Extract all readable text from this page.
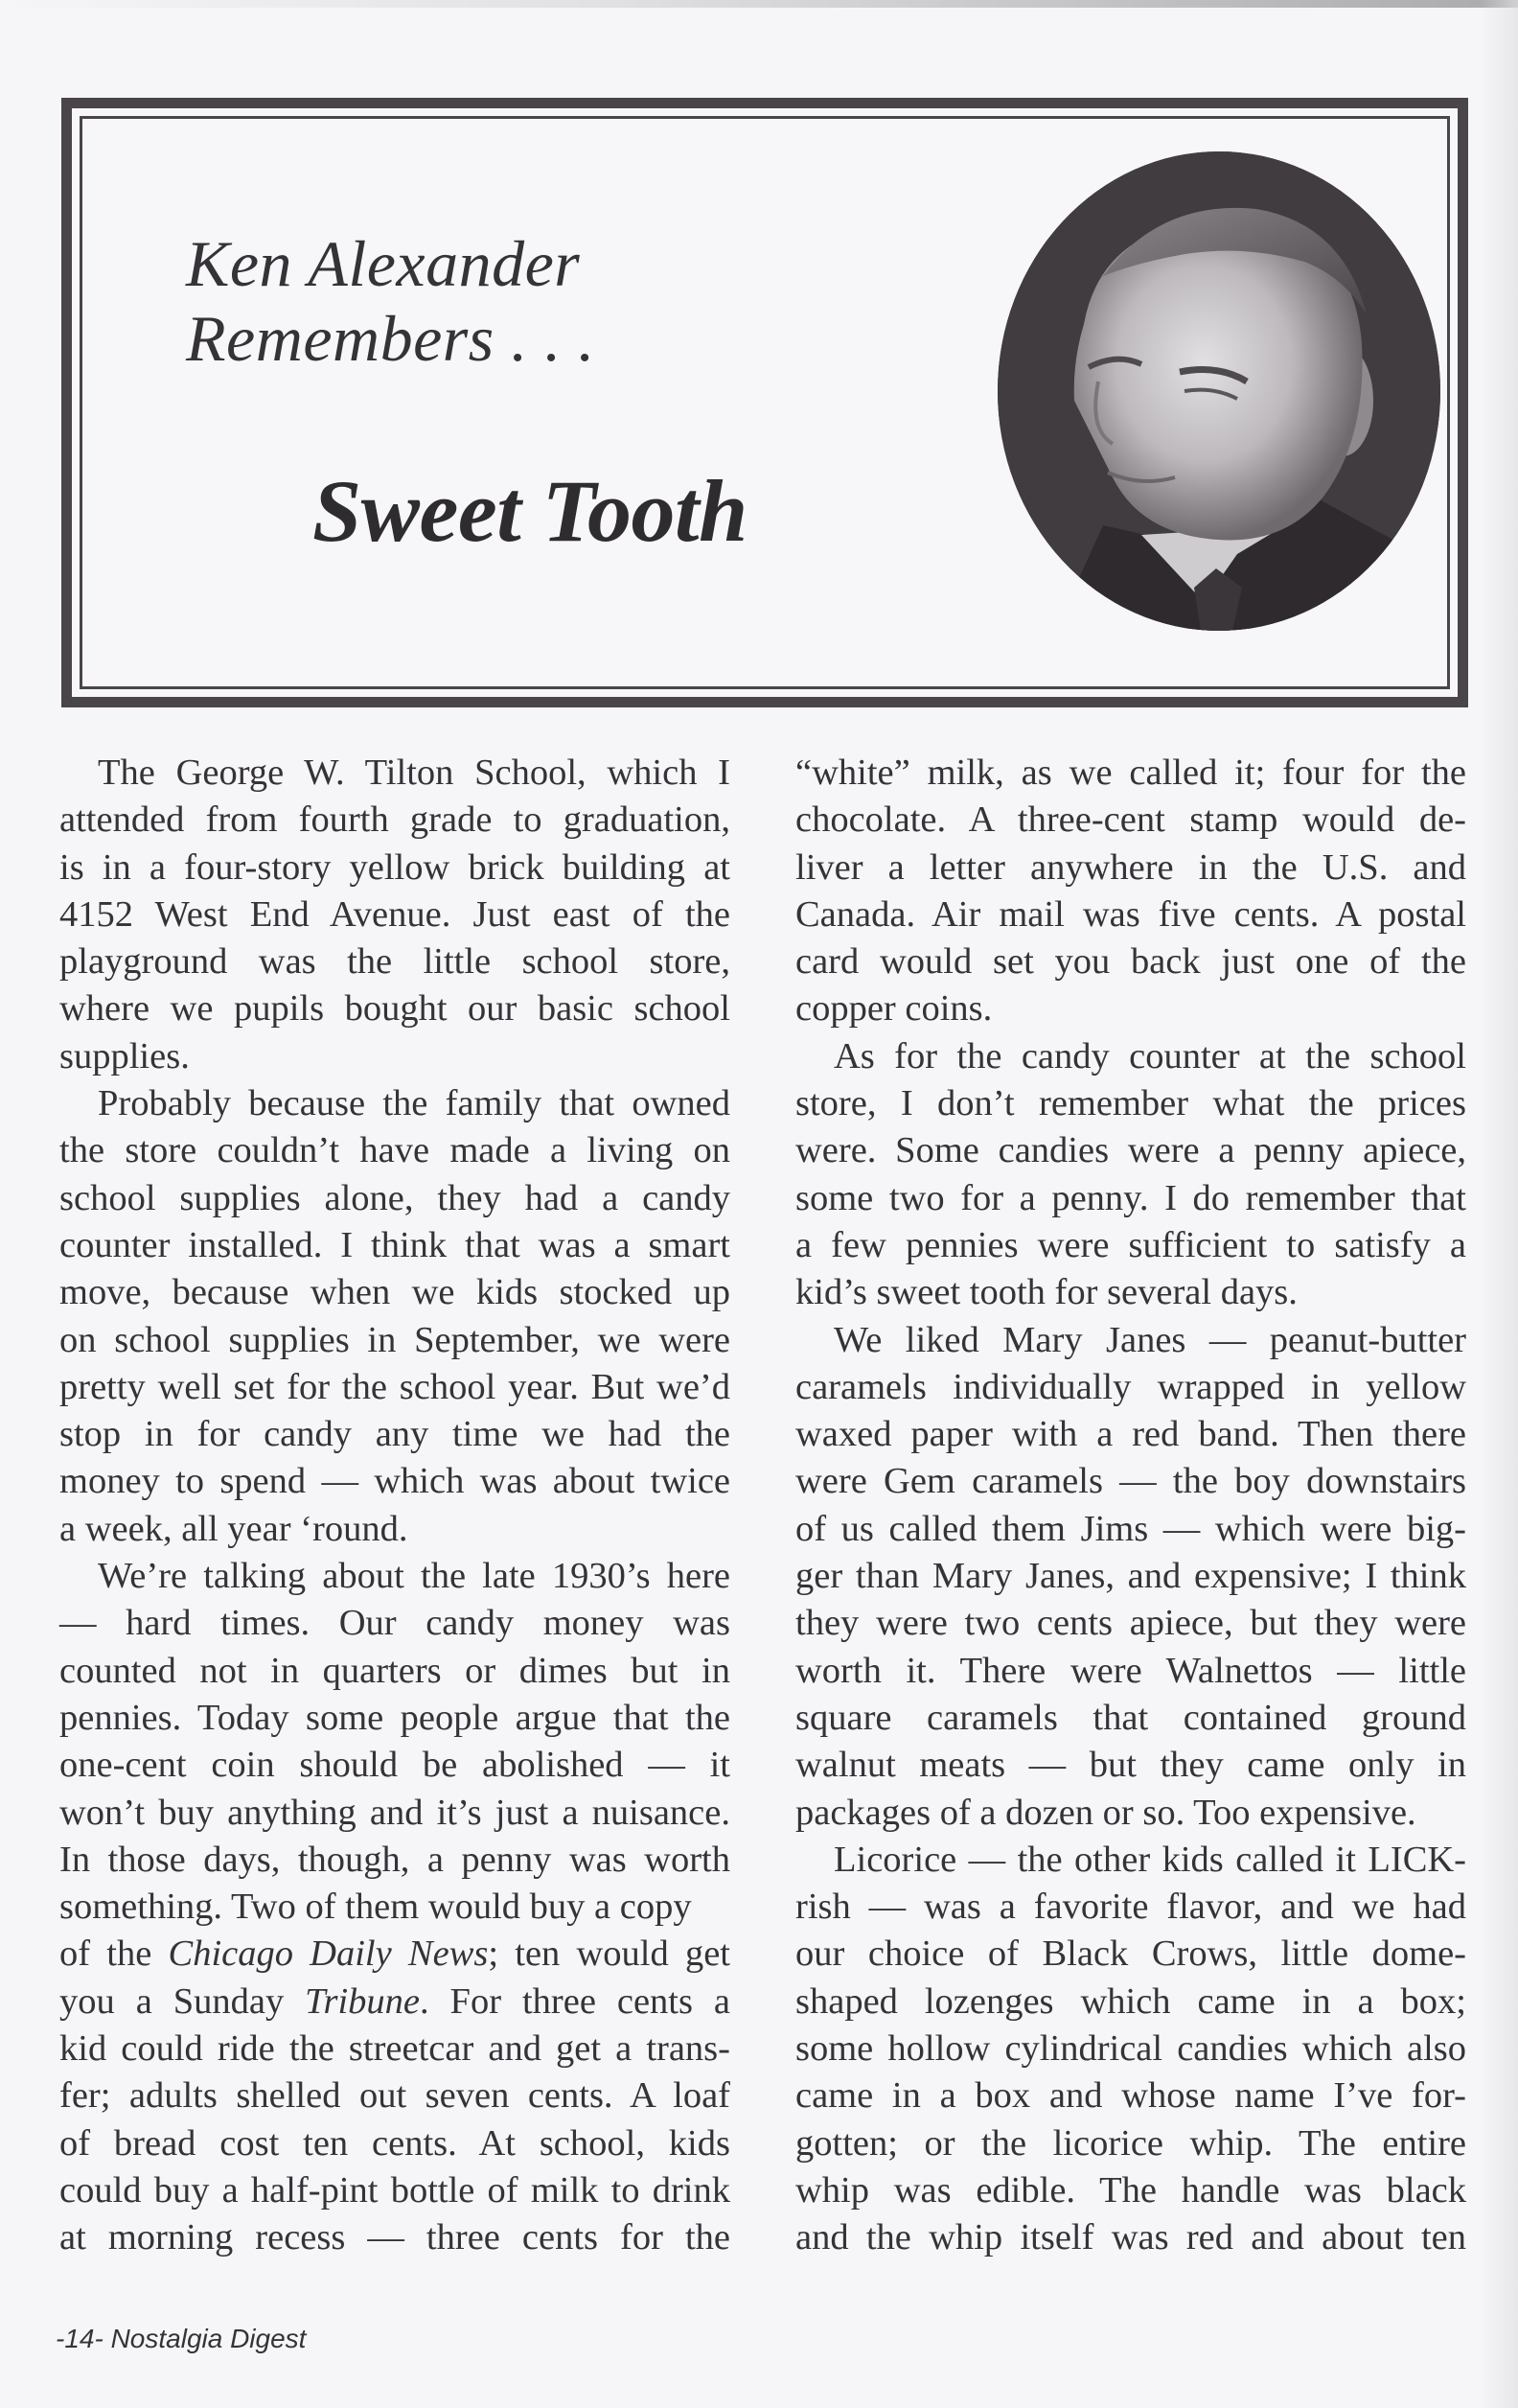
Ken Alexander
Remembers . . .
Sweet Tooth

The George W. Tilton School, which I
attended from fourth grade to graduation,
is in a four-story yellow brick building at
4152 West End Avenue. Just east of the
playground was the little school store,
where we pupils bought our basic school
supplies.

Probably because the family that owned
the store couldn’t have made a living on
school supplies alone, they had a candy
counter installed. I think that was a smart
move, because when we kids stocked up
on school supplies in September, we were
pretty well set for the school year. But we’d
stop in for candy any time we had the
money to spend — which was about twice
a week, all year ‘round.

We’re talking about the late 1930’s here
— hard times. Our candy money was
counted not in quarters or dimes but in
pennies. Today some people argue that the
one-cent coin should be abolished — it
won’t buy anything and it’s just a nuisance.
In those days, though, a penny was worth
something. Two of them would buy a copy

of the Chicago Daily News; ten would get
you a Sunday Tribune. For three cents a
kid could ride the streetcar and get a trans-
fer; adults shelled out seven cents. A loaf
of bread cost ten cents. At school, kids
could buy a half-pint bottle of milk to drink
at morning recess — three cents for the

“white” milk, as we called it; four for the
chocolate. A three-cent stamp would de-
liver a letter anywhere in the U.S. and
Canada. Air mail was five cents. A postal
card would set you back just one of the
copper coins.

As for the candy counter at the school
store, I don’t remember what the prices
were. Some candies were a penny apiece,
some two for a penny. I do remember that
a few pennies were sufficient to satisfy a
kid’s sweet tooth for several days.

We liked Mary Janes — peanut-butter
caramels individually wrapped in yellow
waxed paper with a red band. Then there
were Gem caramels — the boy downstairs
of us called them Jims — which were big-
ger than Mary Janes, and expensive; I think
they were two cents apiece, but they were
worth it. There were Walnettos — little
square caramels that contained ground
walnut meats — but they came only in
packages of a dozen or so. Too expensive.

Licorice — the other kids called it LICK-
rish — was a favorite flavor, and we had
our choice of Black Crows, little dome-
shaped lozenges which came in a box;
some hollow cylindrical candies which also
came in a box and whose name I’ve for-
gotten; or the licorice whip. The entire
whip was edible. The handle was black
and the whip itself was red and about ten

-14- Nostalgia Digest
